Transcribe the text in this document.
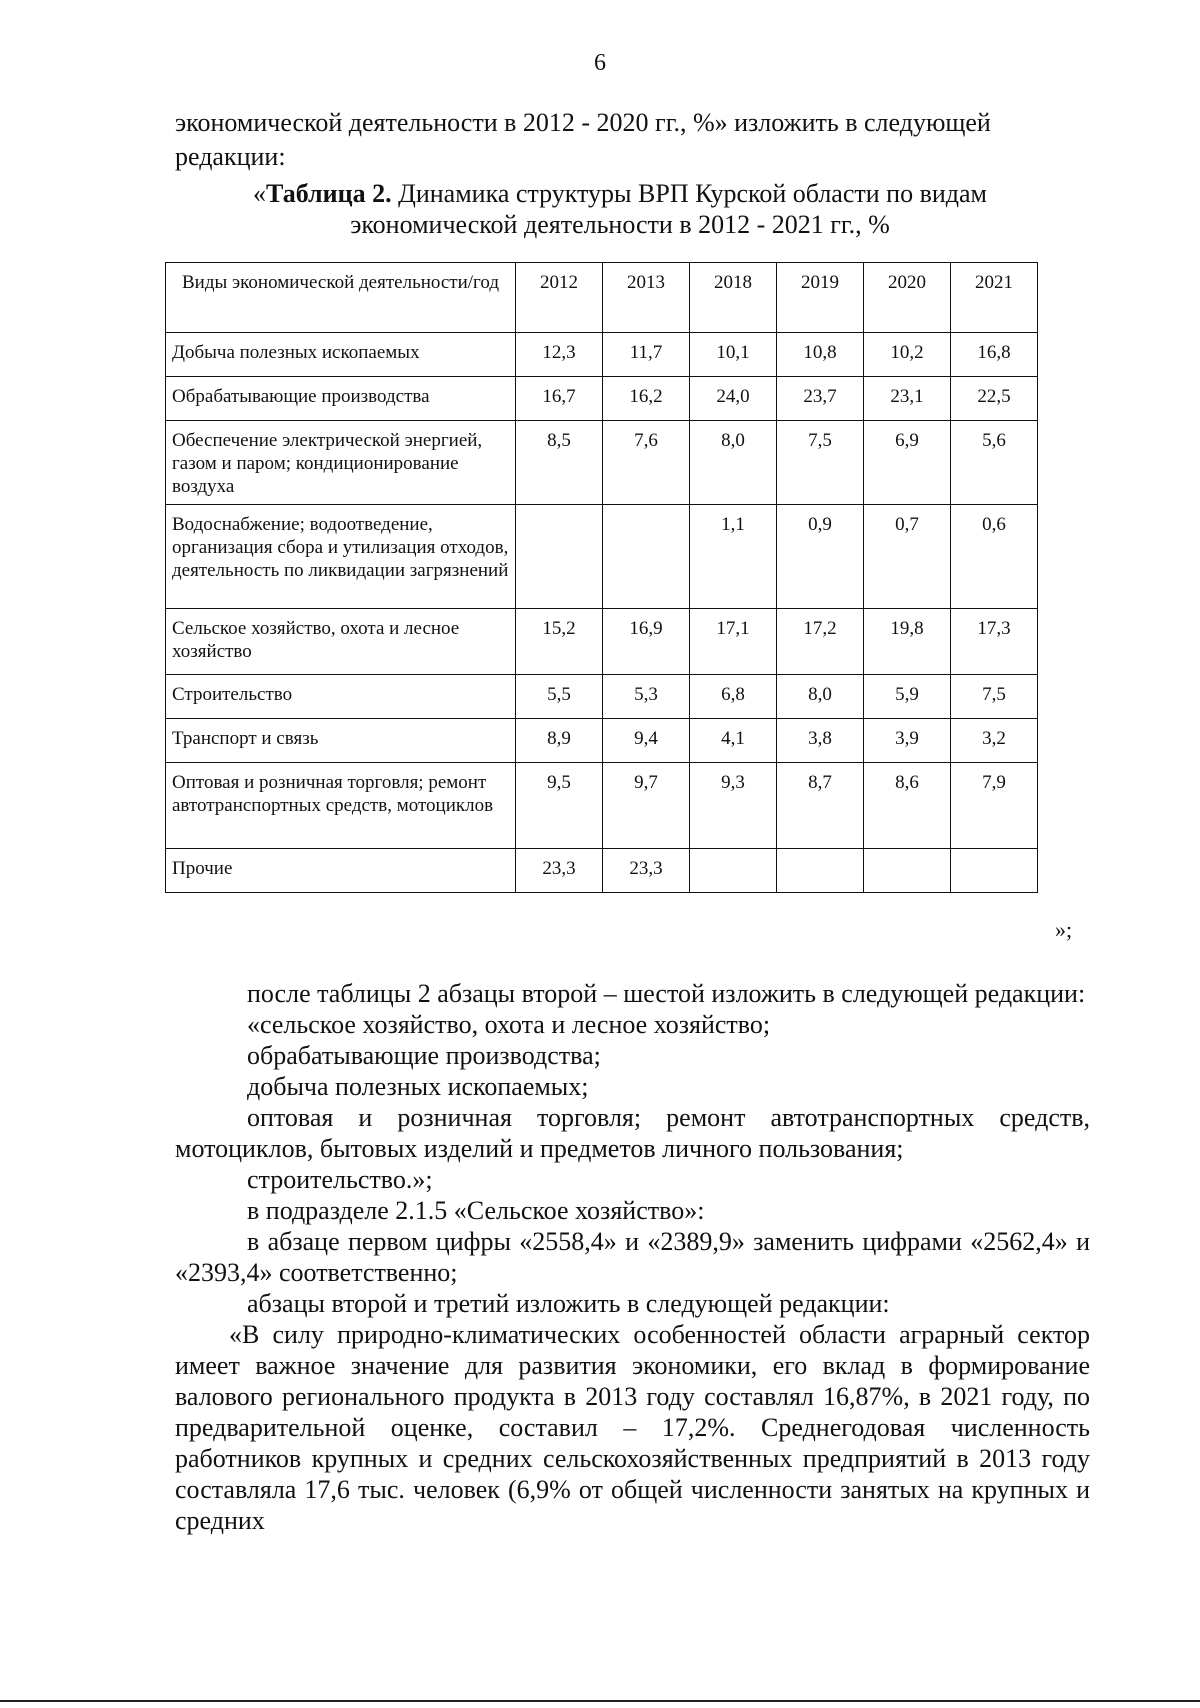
6

экономической деятельности в 2012 - 2020 гг., %» изложить в следующей редакции:

«Таблица 2. Динамика структуры ВРП Курской области по видам
экономической деятельности в 2012 - 2021 гг., %
Виды экономической деятельности/год	2012	2013	2018	2019	2020	2021
Добыча полезных ископаемых	12,3	11,7	10,1	10,8	10,2	16,8
Обрабатывающие производства	16,7	16,2	24,0	23,7	23,1	22,5
Обеспечение электрической энергией, газом и паром; кондиционирование воздуха	8,5	7,6	8,0	7,5	6,9	5,6
Водоснабжение; водоотведение, организация сбора и утилизация отходов, деятельность по ликвидации загрязнений			1,1	0,9	0,7	0,6
Сельское хозяйство, охота и лесное хозяйство	15,2	16,9	17,1	17,2	19,8	17,3
Строительство	5,5	5,3	6,8	8,0	5,9	7,5
Транспорт и связь	8,9	9,4	4,1	3,8	3,9	3,2
Оптовая и розничная торговля; ремонт автотранспортных средств, мотоциклов	9,5	9,7	9,3	8,7	8,6	7,9
Прочие	23,3	23,3				
»;

после таблицы 2 абзацы второй – шестой изложить в следующей редакции:

«сельское хозяйство, охота и лесное хозяйство;

обрабатывающие производства;

добыча полезных ископаемых;

оптовая и розничная торговля; ремонт автотранспортных средств, мотоциклов, бытовых изделий и предметов личного пользования;

строительство.»;

в подразделе 2.1.5 «Сельское хозяйство»:

в абзаце первом цифры «2558,4» и «2389,9» заменить цифрами «2562,4» и «2393,4» соответственно;

абзацы второй и третий изложить в следующей редакции:

«В силу природно-климатических особенностей области аграрный сектор имеет важное значение для развития экономики, его вклад в формирование валового регионального продукта в 2013 году составлял 16,87%, в 2021 году, по предварительной оценке, составил – 17,2%. Среднегодовая численность работников крупных и средних сельскохозяйственных предприятий в 2013 году составляла 17,6 тыс. человек (6,9% от общей численности занятых на крупных и средних
